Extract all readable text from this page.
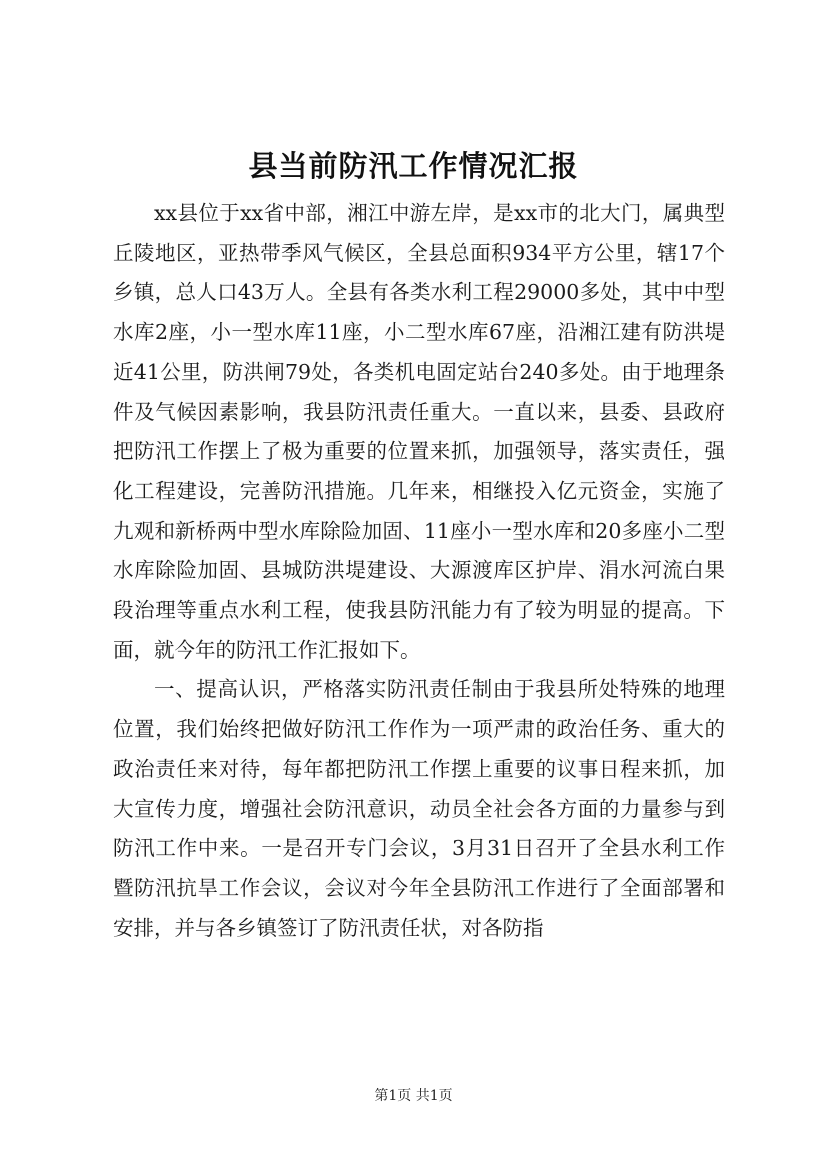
县当前防汛工作情况汇报

xx县位于xx省中部，湘江中游左岸，是xx市的北大门，属典型丘陵地区，亚热带季风气候区，全县总面积934平方公里，辖17个乡镇，总人口43万人。全县有各类水利工程29000多处，其中中型水库2座，小一型水库11座，小二型水库67座，沿湘江建有防洪堤近41公里，防洪闸79处，各类机电固定站台240多处。由于地理条件及气候因素影响，我县防汛责任重大。一直以来，县委、县政府把防汛工作摆上了极为重要的位置来抓，加强领导，落实责任，强化工程建设，完善防汛措施。几年来，相继投入亿元资金，实施了九观和新桥两中型水库除险加固、11座小一型水库和20多座小二型水库除险加固、县城防洪堤建设、大源渡库区护岸、涓水河流白果段治理等重点水利工程，使我县防汛能力有了较为明显的提高。下面，就今年的防汛工作汇报如下。

一、提高认识，严格落实防汛责任制由于我县所处特殊的地理位置，我们始终把做好防汛工作作为一项严肃的政治任务、重大的政治责任来对待，每年都把防汛工作摆上重要的议事日程来抓，加大宣传力度，增强社会防汛意识，动员全社会各方面的力量参与到防汛工作中来。一是召开专门会议，3月31日召开了全县水利工作暨防汛抗旱工作会议，会议对今年全县防汛工作进行了全面部署和安排，并与各乡镇签订了防汛责任状，对各防指

第1页 共1页
